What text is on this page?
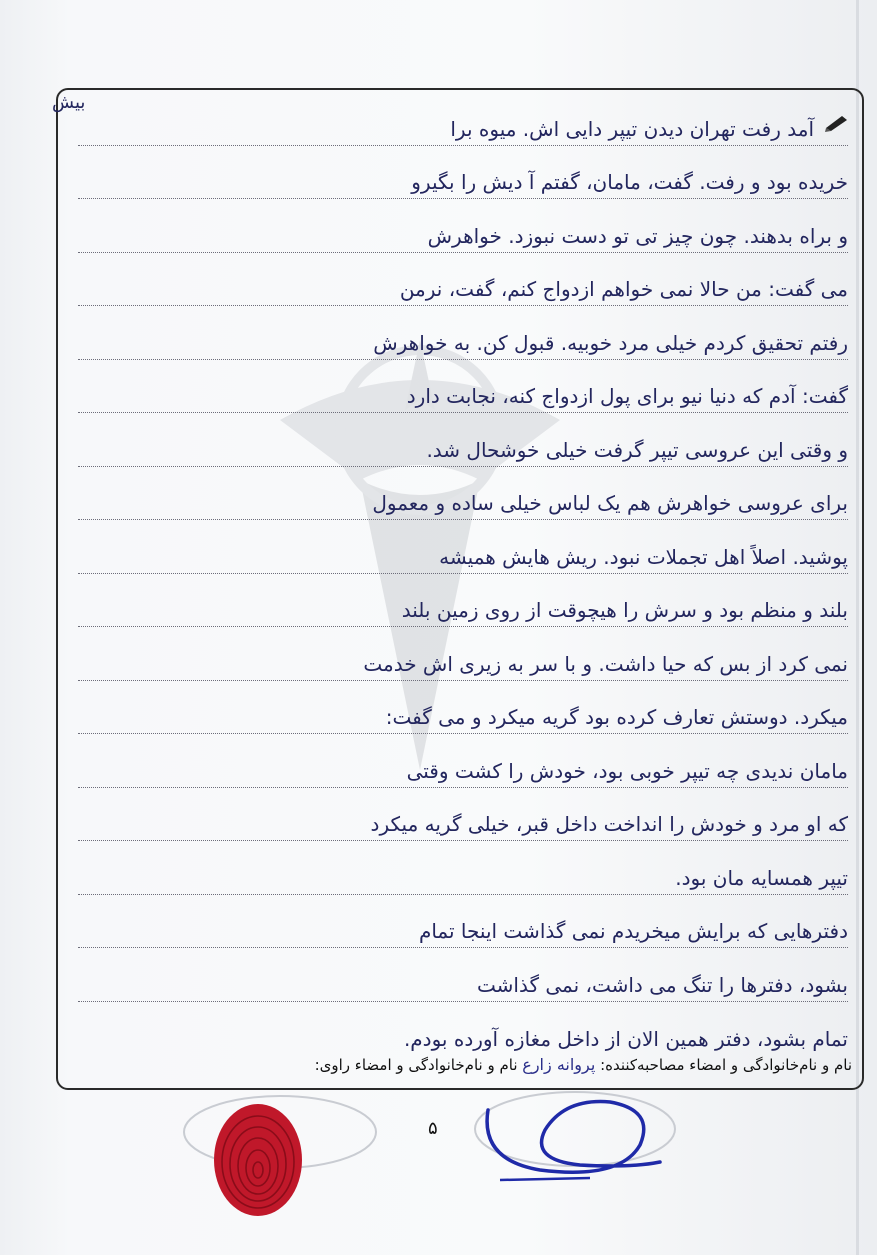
بیش
آمد رفت تهران دیدن تیپر دایی اش. میوه برا
خریده بود و رفت. گفت، مامان، گفتم آ دیش را بگیرو
و براه بدهند. چون چیز تی تو دست نبوزد. خواهرش
می گفت: من حالا نمی خواهم ازدواج کنم، گفت، نرمن
رفتم تحقیق کردم خیلی مرد خوبیه. قبول کن. به خواهرش
گفت: آدم که دنیا نیو برای پول ازدواج کنه، نجابت دارد
و وقتی این عروسی تیپر گرفت خیلی خوشحال شد.
برای عروسی خواهرش هم یک لباس خیلی ساده و معمول
پوشید. اصلاً اهل تجملات نبود. ریش هایش همیشه
بلند و منظم بود و سرش را هیچوقت از روی زمین بلند
نمی کرد از بس که حیا داشت. و با سر به زیری اش خدمت
میکرد. دوستش تعارف کرده بود گریه میکرد و می گفت:
مامان ندیدی چه تیپر خوبی بود، خودش را کشت وقتی
که او مرد و خودش را انداخت داخل قبر، خیلی گریه میکرد
تیپر همسایه مان بود.
دفترهایی که برایش میخریدم نمی گذاشت اینجا تمام
بشود، دفترها را تنگ می داشت، نمی گذاشت
تمام بشود، دفتر همین الان از داخل مغازه آورده بودم.
نام و نام‌خانوادگی و امضاء مصاحبه‌کننده: پروانه زارع نام و نام‌خانوادگی و امضاء راوی:
۵
